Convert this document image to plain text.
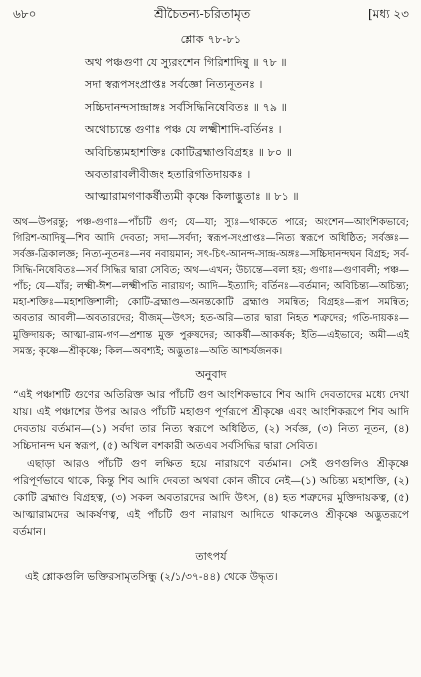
৬৮০	শ্রীচৈতন্য-চরিতামৃত	[মধ্য ২৩
শ্লোক ৭৮-৮১
অথ পঞ্চগুণা যে স্যুরংশেন গিরিশাদিষু ॥ ৭৮ ॥
সদা স্বরূপসংপ্রাপ্তঃ সর্বজ্ঞো নিত্যনূতনঃ ।
সচ্চিদানন্দসান্দ্রাঙ্গঃ সর্বসিদ্ধিনিষেবিতঃ ॥ ৭৯ ॥
অথোচ্যন্তে গুণাঃ পঞ্চ যে লক্ষ্মীশাদি-বর্তিনঃ ।
অবিচিন্ত্যমহাশক্তিঃ কোটিব্রহ্মাণ্ডবিগ্রহঃ ॥ ৮০ ॥
অবতারাবলীবীজং হতারিগতিদায়কঃ ।
আত্মারামগণাকর্ষীত্যমী কৃষ্ণে কিলাদ্ভুতাঃ ॥ ৮১ ॥
অথ—উপরন্তু; পঞ্চ-গুণাঃ—পাঁচটি গুণ; যে—যা; স্যুঃ—থাকতে পারে; অংশেন—আংশিকভাবে; গিরিশ-আদিষু—শিব আদি দেবতা; সদা—সর্বদা; স্বরূপ-সংপ্রাপ্তঃ—নিত্য স্বরূপে অধিষ্ঠিত; সর্বজ্ঞঃ—সর্বজ্ঞ-ত্রিকালজ্ঞ; নিত্য-নূতনঃ—নব নবায়মান; সৎ-চিৎ-আনন্দ-সান্দ্র-অঙ্গঃ—সচ্চিদানন্দঘন বিগ্রহ; সর্ব-সিদ্ধি-নিষেবিতঃ—সর্ব সিদ্ধির দ্বারা সেবিত; অথ—এখন; উচ্যন্তে—বলা হয়; গুণাঃ—গুণাবলী; পঞ্চ—পাঁচ; যে—যাঁর; লক্ষ্মী-ঈশ—লক্ষ্মীপতি নারায়ণ; আদি—ইত্যাদি; বর্তিনঃ—বর্তমান; অবিচিন্ত্য—অচিন্ত্য; মহা-শক্তিঃ—মহাশক্তিশালী; কোটি-ব্রহ্মাণ্ড—অনন্তকোটি ব্রহ্মাণ্ড সমন্বিত; বিগ্রহঃ—রূপ সমন্বিত; অবতার আবলী—অবতারদের; বীজম্—উৎস; হত-অরি—তার দ্বারা নিহত শত্রুদের; গতি-দায়কঃ—মুক্তিদায়ক; আত্মা-রাম-গণ—প্রশান্ত মুক্ত পুরুষদের; আকর্ষী—আকর্ষক; ইতি—এইভাবে; অমী—এই সমস্ত; কৃষ্ণে—শ্রীকৃষ্ণে; কিল—অবশ্যই; অদ্ভুতাঃ—অতি আশ্চর্যজনক।
অনুবাদ

“এই পঞ্চাশটি গুণের অতিরিক্ত আর পাঁচটি গুণ আংশিকভাবে শিব আদি দেবতাদের মধ্যে দেখা যায়। এই পঞ্চাশের উপর আরও পাঁচটি মহাগুণ পূর্ণরূপে শ্রীকৃষ্ণে এবং আংশিকরূপে শিব আদি দেবতায় বর্তমান—(১) সর্বদা তার নিত্য স্বরূপে অধিষ্ঠিত, (২) সর্বজ্ঞ, (৩) নিত্য নূতন, (৪) সচ্চিদানন্দ ঘন স্বরূপ, (৫) অখিল বশকারী অতএব সর্বসিদ্ধির দ্বারা সেবিত।

এছাড়া আরও পাঁচটি গুণ লক্ষিত হয়ে নারায়ণে বর্তমান। সেই গুণগুলিও শ্রীকৃষ্ণে পরিপূর্ণভাবে থাকে, কিন্তু শিব আদি দেবতা অথবা কোন জীবে নেই—(১) অচিন্ত্য মহাশক্তি, (২) কোটি ব্রহ্মাণ্ড বিগ্রহত্ব, (৩) সকল অবতারদের আদি উৎস, (৪) হত শত্রুদের মুক্তিদায়কত্ব, (৫) আত্মারামদের আকর্ষণত্ব, এই পাঁচটি গুণ নারায়ণ আদিতে থাকলেও শ্রীকৃষ্ণে অদ্ভুতরূপে বর্তমান।

তাৎপর্য
এই শ্লোকগুলি ভক্তিরসামৃতসিন্ধু (২/১/৩৭-৪৪) থেকে উদ্ধৃত।
